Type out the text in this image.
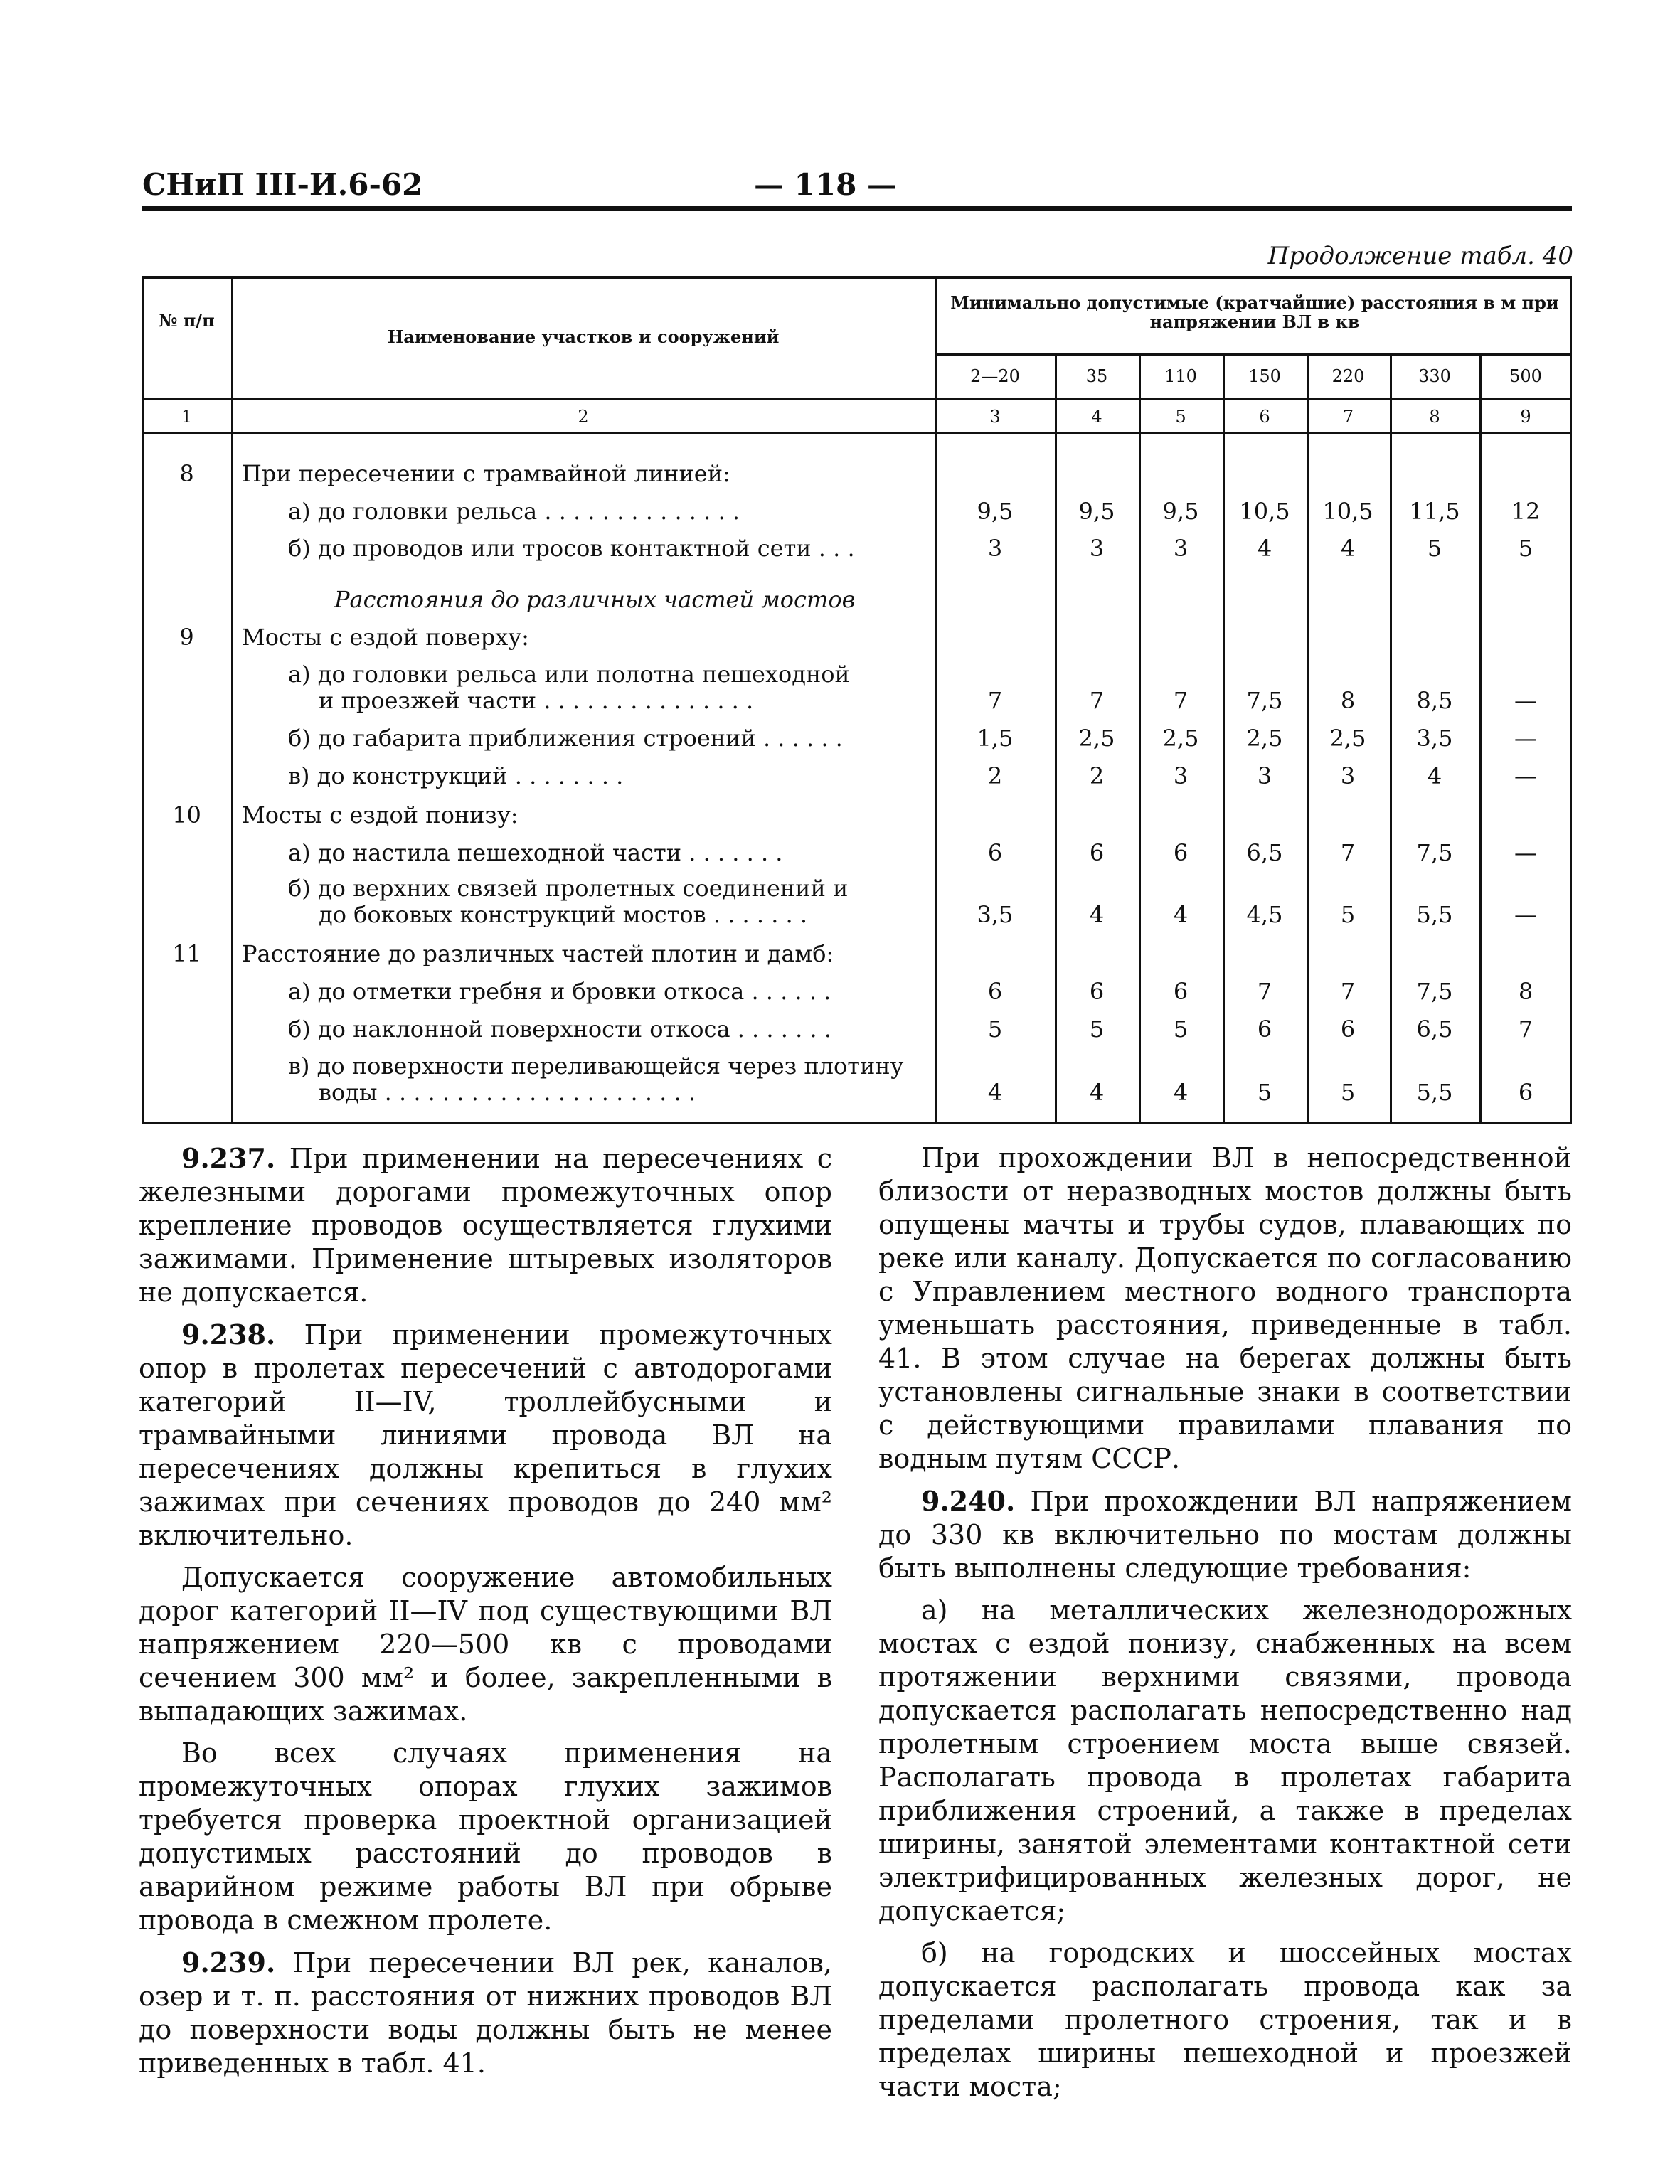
СНиП III-И.6-62	— 118 —
Продолжение табл. 40
№ п/п
Наименование участков и сооружений
Минимально допустимые (кратчайшие) расстояния в м при напряжении ВЛ в кв
2—20	35	110	150	220	330	500
1	2	3	4	5	6	7	8	9
8	При пересечении с трамвайной линией:
а) до головки рельса . . . . . . . . . . . . . .	9,5	9,5	9,5	10,5	10,5	11,5	12
б) до проводов или тросов контактной сети . . .	3	3	3	4	4	5	5
Расстояния до различных частей мостов
9	Мосты с ездой поверху:
а) до головки рельса или полотна пешеходной
и проезжей части . . . . . . . . . . . . . . .	7	7	7	7,5	8	8,5	—
б) до габарита приближения строений . . . . . .	1,5	2,5	2,5	2,5	2,5	3,5	—
в) до конструкций . . . . . . . .	2	2	3	3	3	4	—
10	Мосты с ездой понизу:
а) до настила пешеходной части . . . . . . .	6	6	6	6,5	7	7,5	—
б) до верхних связей пролетных соединений и
до боковых конструкций мостов . . . . . . .	3,5	4	4	4,5	5	5,5	—
11	Расстояние до различных частей плотин и дамб:
а) до отметки гребня и бровки откоса . . . . . .	6	6	6	7	7	7,5	8
б) до наклонной поверхности откоса . . . . . . .	5	5	5	6	6	6,5	7
в) до поверхности переливающейся через плотину
воды . . . . . . . . . . . . . . . . . . . . . .	4	4	4	5	5	5,5	6

9.237. При применении на пересечениях с железными дорогами промежуточных опор крепление проводов осуществляется глухими зажимами. Применение штыревых изоляторов не допускается.

9.238. При применении промежуточных опор в пролетах пересечений с автодорогами категорий II—IV, троллейбусными и трамвайными линиями провода ВЛ на пересечениях должны крепиться в глухих зажимах при сечениях проводов до 240 мм² включительно.

Допускается сооружение автомобильных дорог категорий II—IV под существующими ВЛ напряжением 220—500 кв с проводами сечением 300 мм² и более, закрепленными в выпадающих зажимах.

Во всех случаях применения на промежуточных опорах глухих зажимов требуется проверка проектной организацией допустимых расстояний до проводов в аварийном режиме работы ВЛ при обрыве провода в смежном пролете.

9.239. При пересечении ВЛ рек, каналов, озер и т. п. расстояния от нижних проводов ВЛ до поверхности воды должны быть не менее приведенных в табл. 41.

При прохождении ВЛ в непосредственной близости от неразводных мостов должны быть опущены мачты и трубы судов, плавающих по реке или каналу. Допускается по согласованию с Управлением местного водного транспорта уменьшать расстояния, приведенные в табл. 41. В этом случае на берегах должны быть установлены сигнальные знаки в соответствии с действующими правилами плавания по водным путям СССР.

9.240. При прохождении ВЛ напряжением до 330 кв включительно по мостам должны быть выполнены следующие требования:

а) на металлических железнодорожных мостах с ездой понизу, снабженных на всем протяжении верхними связями, провода допускается располагать непосредственно над пролетным строением моста выше связей. Располагать провода в пролетах габарита приближения строений, а также в пределах ширины, занятой элементами контактной сети электрифицированных железных дорог, не допускается;

б) на городских и шоссейных мостах допускается располагать провода как за пределами пролетного строения, так и в пределах ширины пешеходной и проезжей части моста;
